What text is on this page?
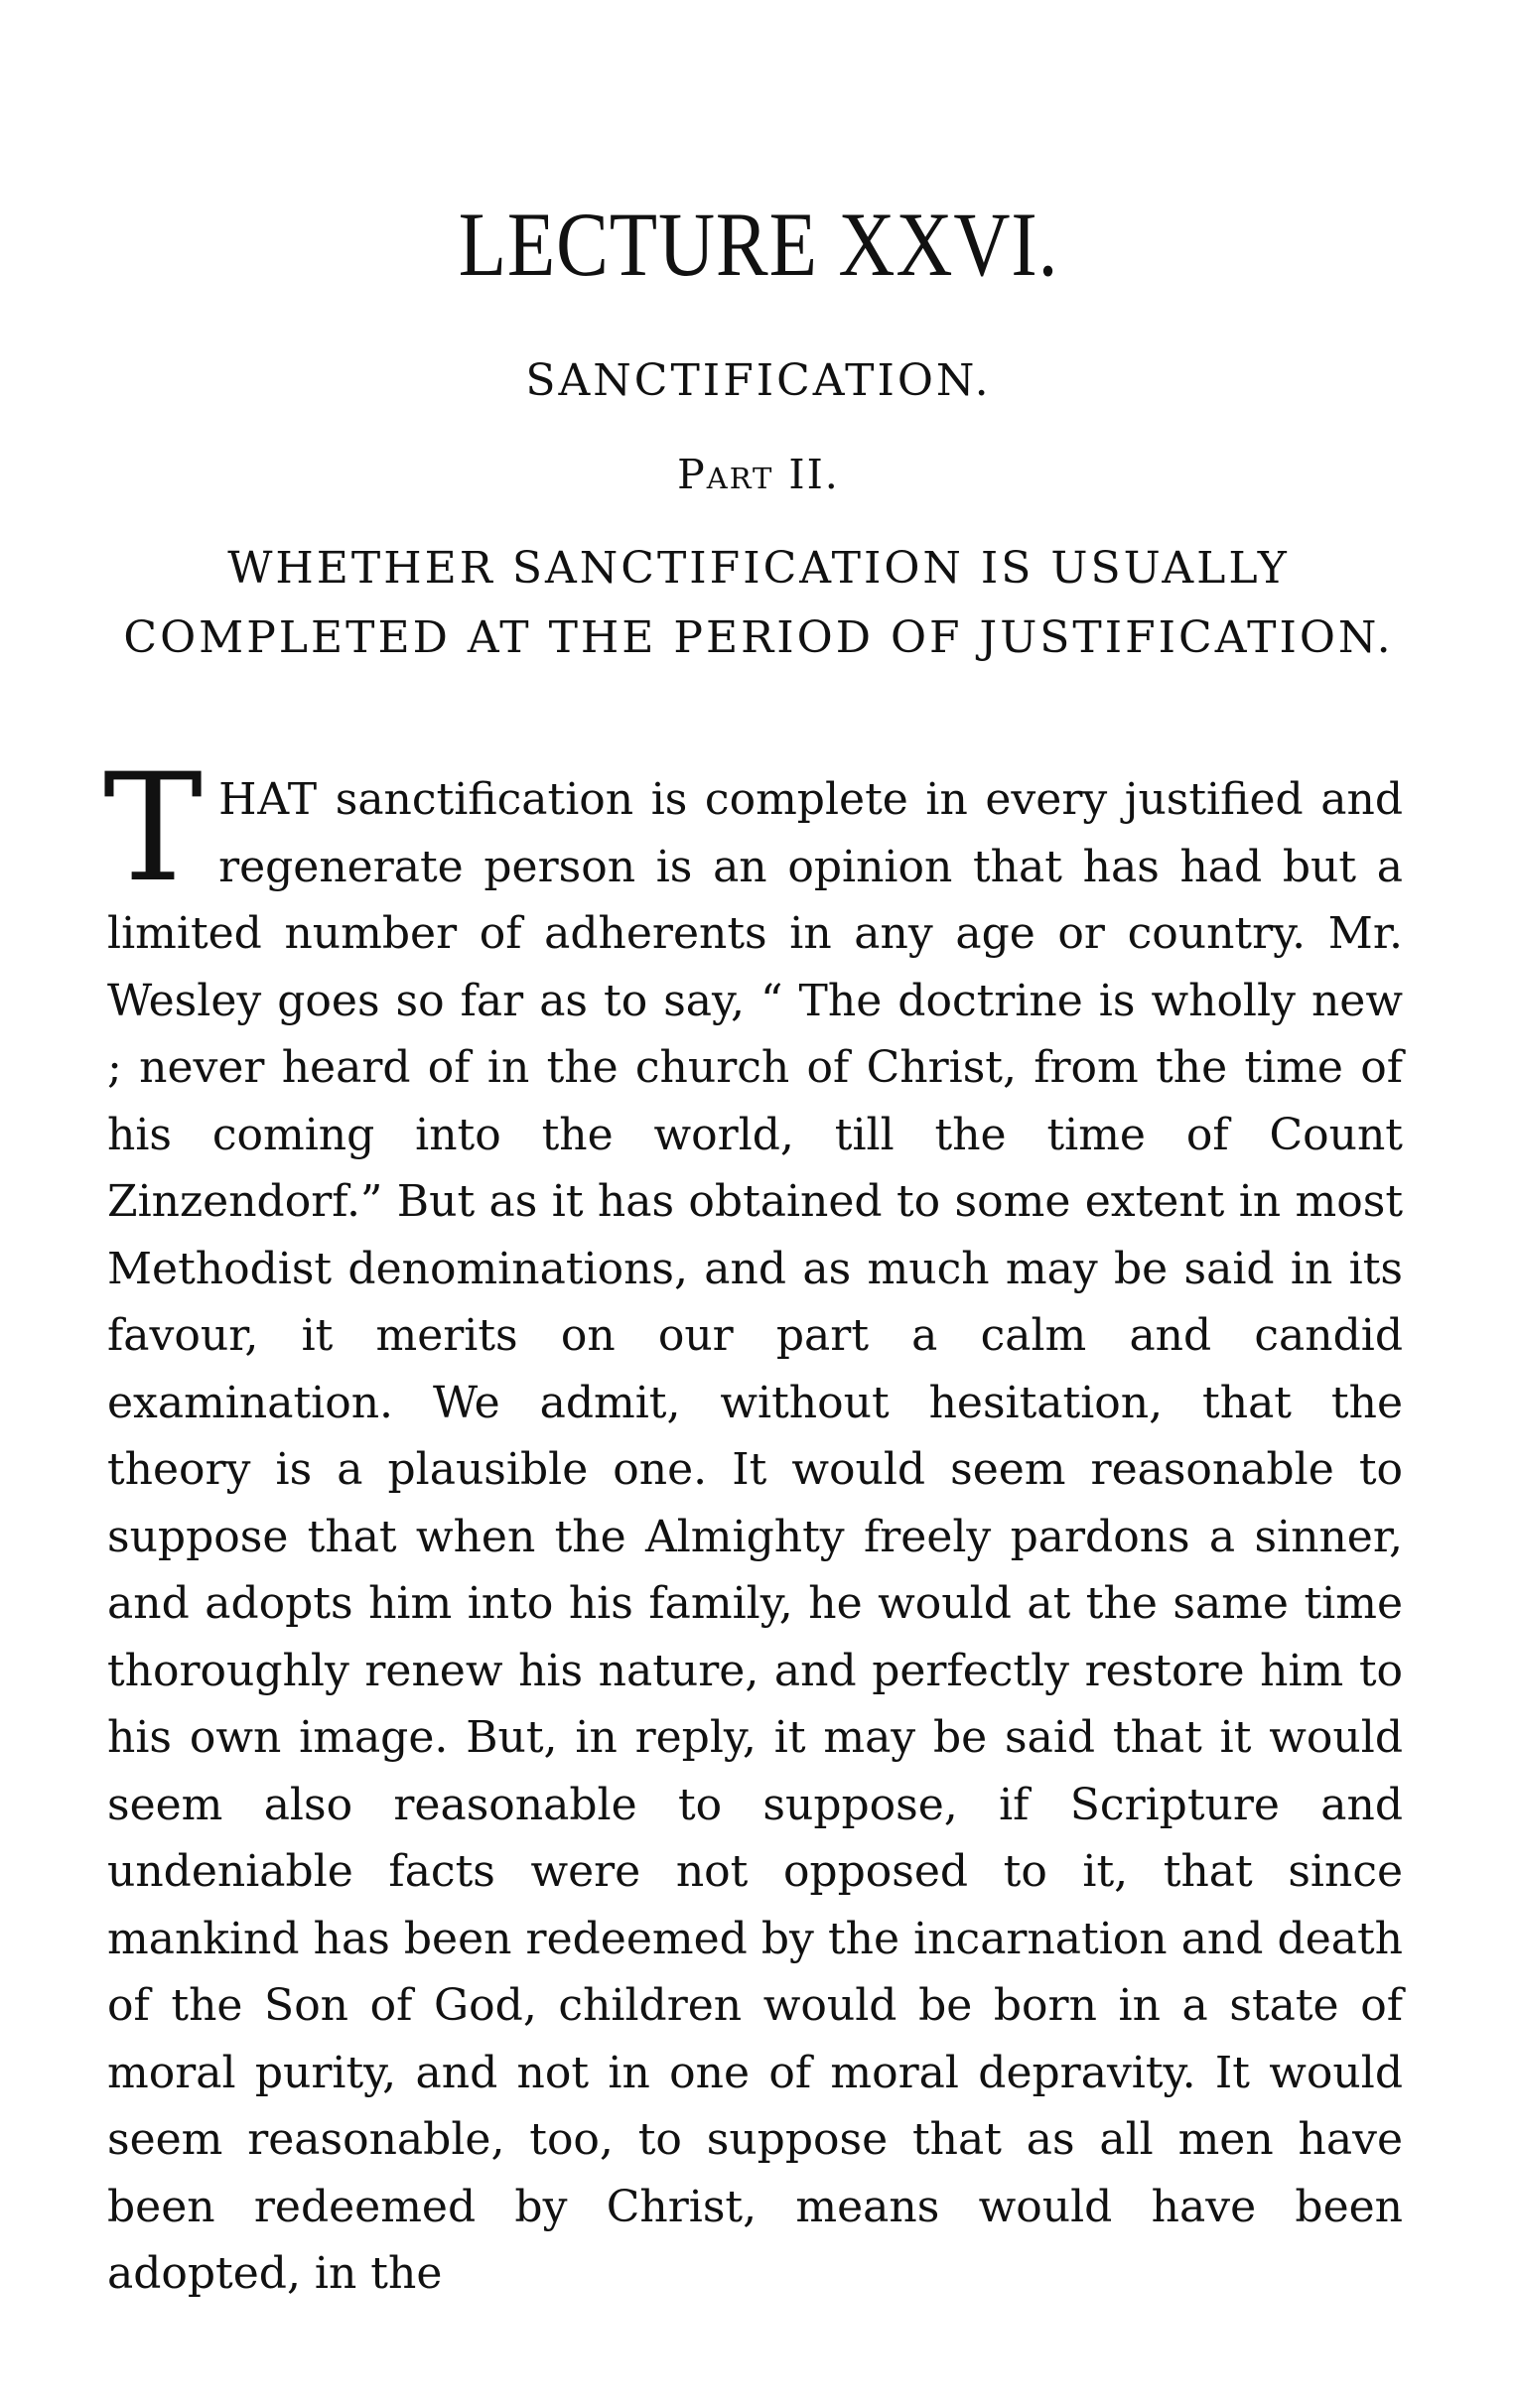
LECTURE XXVI.
SANCTIFICATION.
Part II.
WHETHER SANCTIFICATION IS USUALLY COMPLETED AT THE PERIOD OF JUSTIFICATION.

THAT sanctification is complete in every justified and regenerate person is an opinion that has had but a limited number of adherents in any age or country. Mr. Wesley goes so far as to say, “ The doctrine is wholly new ; never heard of in the church of Christ, from the time of his coming into the world, till the time of Count Zinzendorf.” But as it has obtained to some extent in most Methodist denominations, and as much may be said in its favour, it merits on our part a calm and candid examination. We admit, without hesitation, that the theory is a plausible one. It would seem reasonable to suppose that when the Almighty freely pardons a sinner, and adopts him into his family, he would at the same time thoroughly renew his nature, and perfectly restore him to his own image. But, in reply, it may be said that it would seem also reasonable to suppose, if Scripture and undeniable facts were not opposed to it, that since mankind has been redeemed by the incarnation and death of the Son of God, children would be born in a state of moral purity, and not in one of moral depravity. It would seem reasonable, too, to suppose that as all men have been redeemed by Christ, means would have been adopted, in the
